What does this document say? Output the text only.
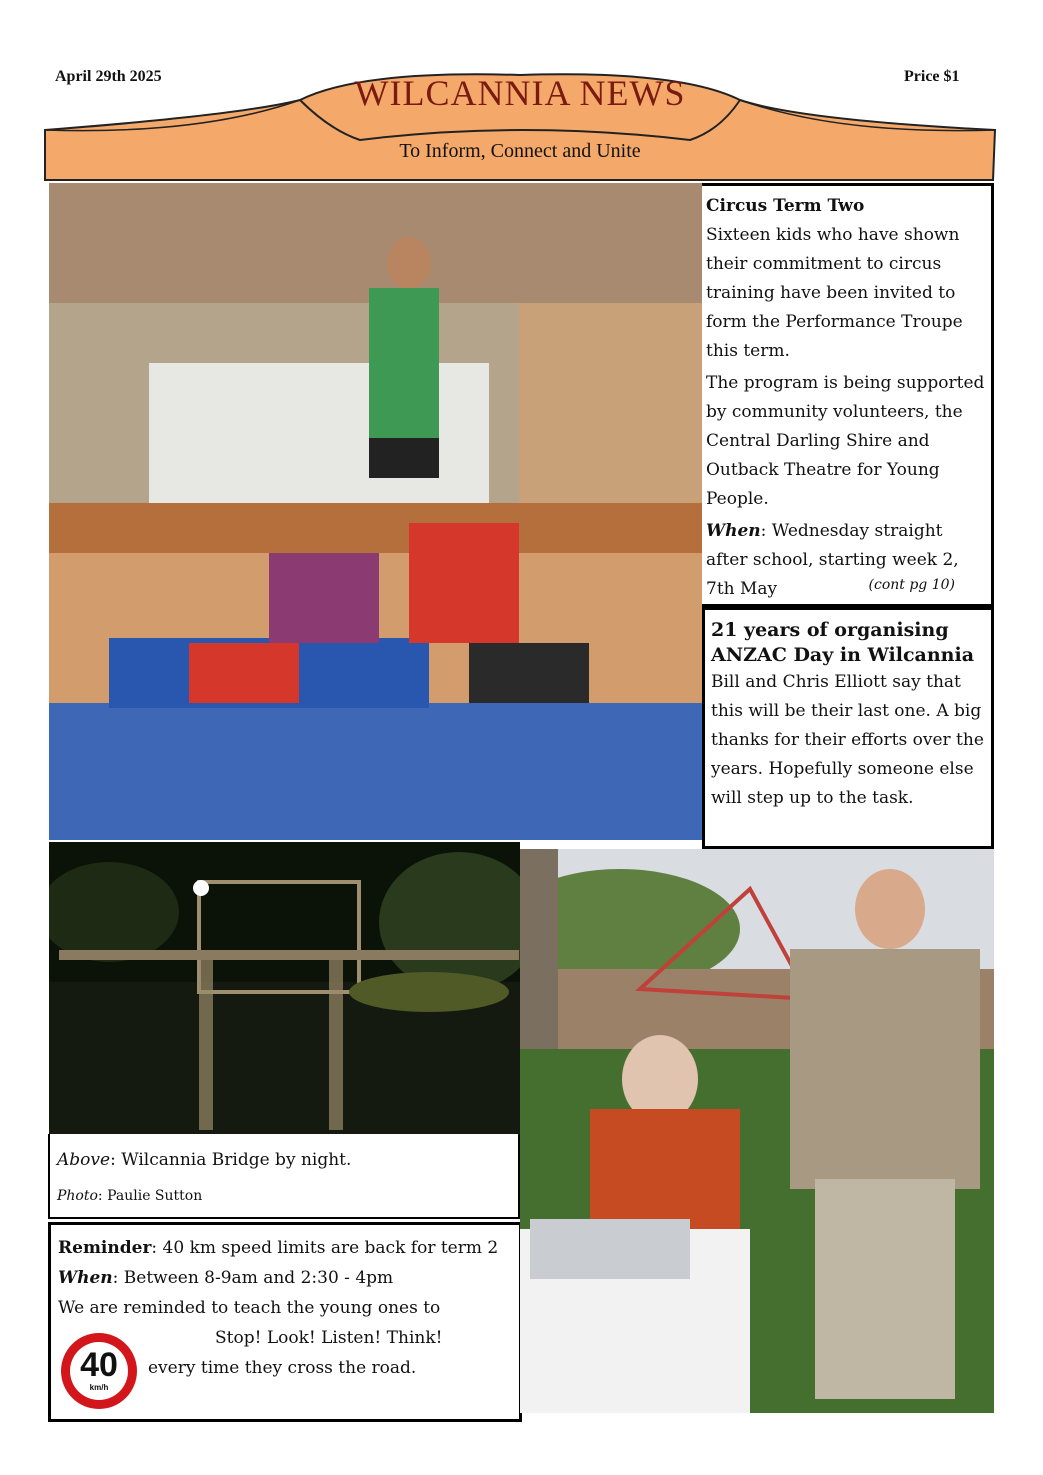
April 29th 2025	Price $1
WILCANNIA NEWS
To Inform, Connect and Unite
Circus Term Two
Sixteen kids who have shown their commitment to circus training have been invited to form the Performance Troupe this term.
The program is being supported by community volunteers, the Central Darling Shire and Outback Theatre for Young People.
When: Wednesday straight after school, starting week 2, 7th May	(cont pg 10)
21 years of organising ANZAC Day in Wilcannia
Bill and Chris Elliott say that this will be their last one. A big thanks for their efforts over the years. Hopefully someone else will step up to the task.
Above: Wilcannia Bridge by night.
Photo: Paulie Sutton
Reminder: 40 km speed limits are back for term 2
When: Between 8-9am and 2:30 - 4pm
We are reminded to teach the young ones to
Stop! Look! Listen! Think!
every time they cross the road.
40
km/h
